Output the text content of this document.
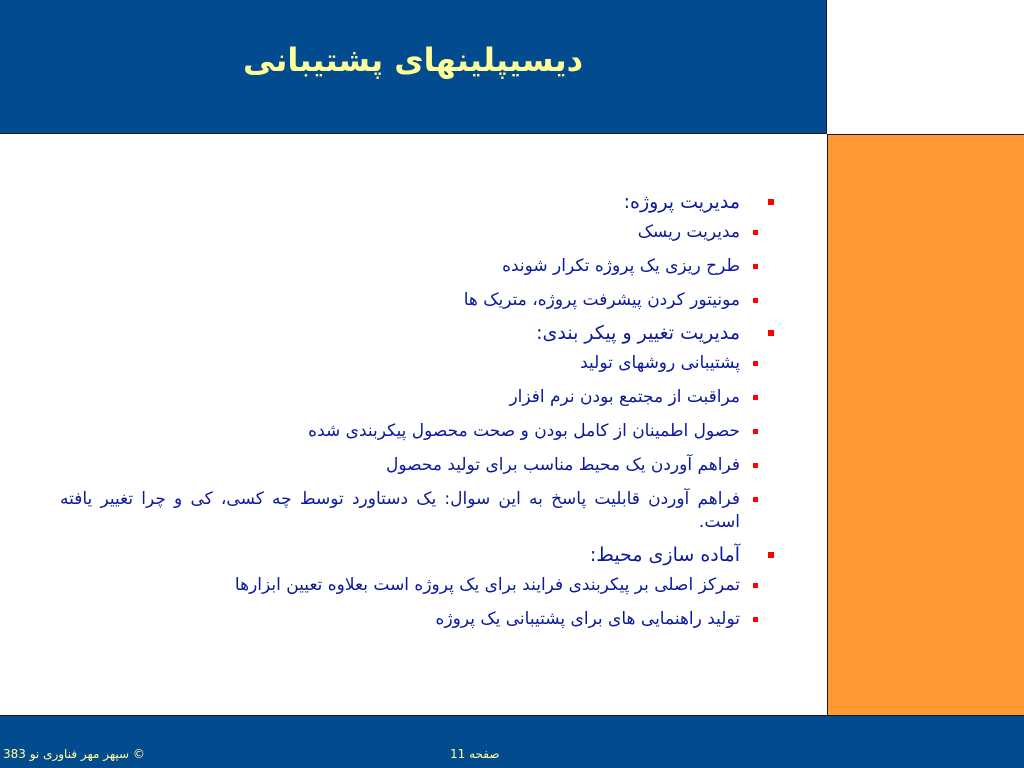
دیسیپلینهای پشتیبانی
مدیریت پروژه:
مدیریت ریسک
طرح ریزی یک پروژه تکرار شونده
مونیتور کردن پیشرفت پروژه، متریک ها
مدیریت تغییر و پیکر بندی:
پشتیبانی روشهای تولید
مراقبت از مجتمع بودن نرم افزار
حصول اطمینان از کامل بودن و صحت محصول پیکربندی شده
فراهم آوردن یک محیط مناسب برای تولید محصول
فراهم آوردن قابلیت پاسخ به این سوال: یک دستاورد توسط چه کسی، کی و چرا تغییر یافته است.
آماده سازی محیط:
تمرکز اصلی بر پیکربندی فرایند برای یک پروژه است بعلاوه تعیین ابزارها
تولید راهنمایی های برای پشتیبانی یک پروژه
© سپهر مهر فناوری نو 383	صفحه 11
